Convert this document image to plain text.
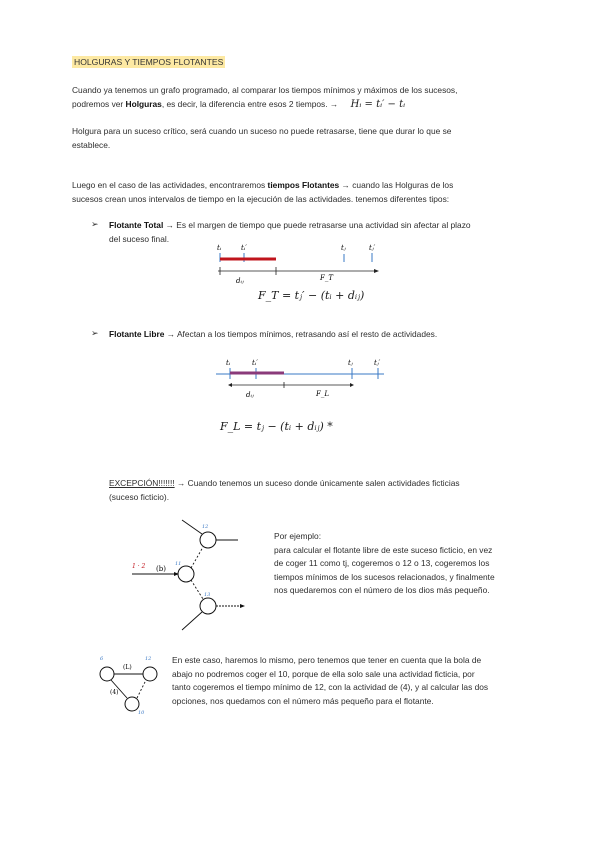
HOLGURAS Y TIEMPOS FLOTANTES
Cuando ya tenemos un grafo programado, al comparar los tiempos mínimos y máximos de los sucesos,
podremos ver Holguras, es decir, la diferencia entre esos 2 tiempos. → Hᵢ = tᵢ′ − tᵢ
Holgura para un suceso crítico, será cuando un suceso no puede retrasarse, tiene que durar lo que se
establece.
Luego en el caso de las actividades, encontraremos tiempos Flotantes → cuando las Holguras de los
sucesos crean unos intervalos de tiempo en la ejecución de las actividades. tenemos diferentes tipos:
➢ Flotante Total → Es el margen de tiempo que puede retrasarse una actividad sin afectar al plazo
del suceso final.
tᵢ	tᵢ′	tⱼ	tⱼ′
dᵢⱼ	F_T
F_T = tⱼ′ − (tᵢ + dᵢⱼ)
➢ Flotante Libre → Afectan a los tiempos mínimos, retrasando así el resto de actividades.
tᵢ	tᵢ′	tⱼ	tⱼ′
dᵢⱼ	F_L
F_L = tⱼ − (tᵢ + dᵢⱼ) *
EXCEPCIÓN!!!!!!! → Cuando tenemos un suceso donde únicamente salen actividades ficticias
(suceso ficticio).
1 · 2 (b)
11
12
13
Por ejemplo:
para calcular el flotante libre de este suceso ficticio, en vez
de coger 11 como tj, cogeremos o 12 o 13, cogeremos los
tiempos mínimos de los sucesos relacionados, y finalmente
nos quedaremos con el número de los dios más pequeño.
6	12
(L)
(4)
10
En este caso, haremos lo mismo, pero tenemos que tener en cuenta que la bola de
abajo no podremos coger el 10, porque de ella solo sale una actividad ficticia, por
tanto cogeremos el tiempo mínimo de 12, con la actividad de (4), y al calcular las dos
opciones, nos quedamos con el número más pequeño para el flotante.
